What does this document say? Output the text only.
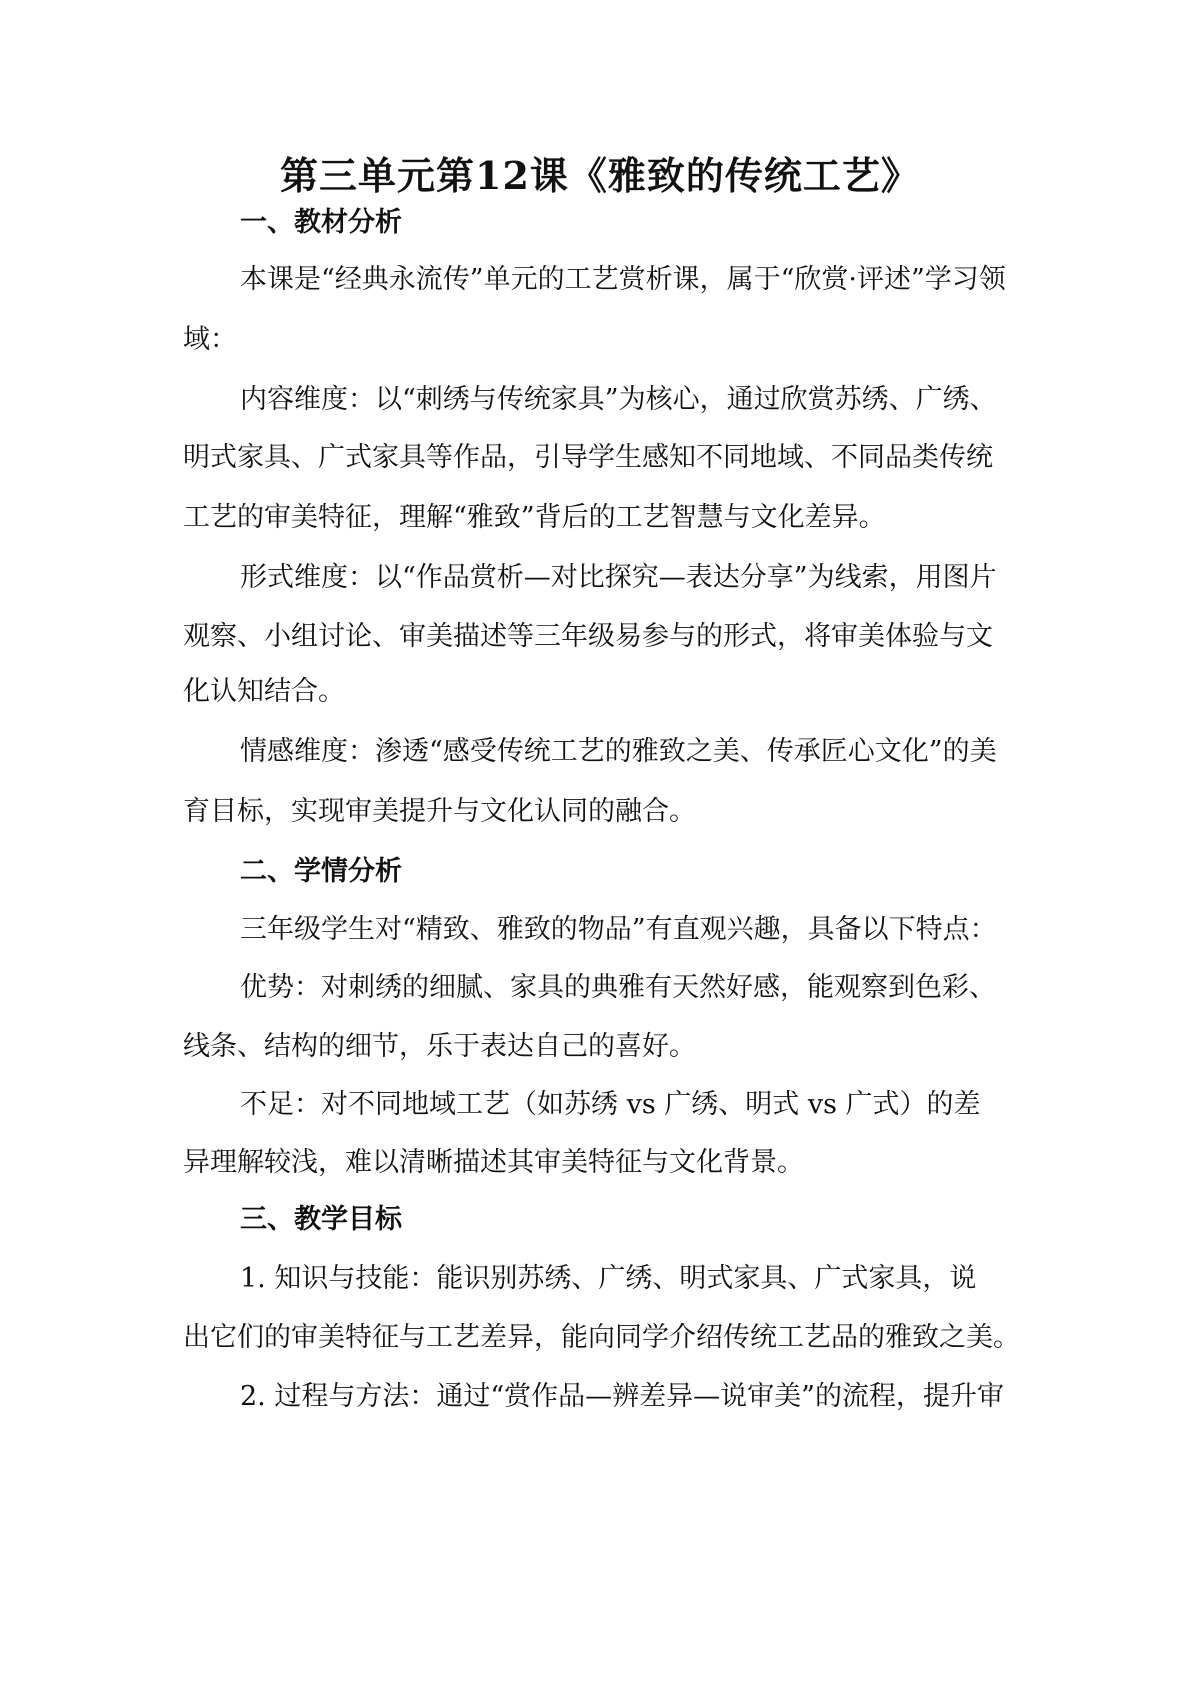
第三单元第12课《雅致的传统工艺》
一、教材分析
本课是“经典永流传”单元的工艺赏析课，属于“欣赏·评述”学习领
域：
内容维度：以“刺绣与传统家具”为核心，通过欣赏苏绣、广绣、
明式家具、广式家具等作品，引导学生感知不同地域、不同品类传统
工艺的审美特征，理解“雅致”背后的工艺智慧与文化差异。
形式维度：以“作品赏析—对比探究—表达分享”为线索，用图片
观察、小组讨论、审美描述等三年级易参与的形式，将审美体验与文
化认知结合。
情感维度：渗透“感受传统工艺的雅致之美、传承匠心文化”的美
育目标，实现审美提升与文化认同的融合。
二、学情分析
三年级学生对“精致、雅致的物品”有直观兴趣，具备以下特点：
优势：对刺绣的细腻、家具的典雅有天然好感，能观察到色彩、
线条、结构的细节，乐于表达自己的喜好。
不足：对不同地域工艺（如苏绣 vs 广绣、明式 vs 广式）的差
异理解较浅，难以清晰描述其审美特征与文化背景。
三、教学目标
1. 知识与技能：能识别苏绣、广绣、明式家具、广式家具，说
出它们的审美特征与工艺差异，能向同学介绍传统工艺品的雅致之美。
2. 过程与方法：通过“赏作品—辨差异—说审美”的流程，提升审
